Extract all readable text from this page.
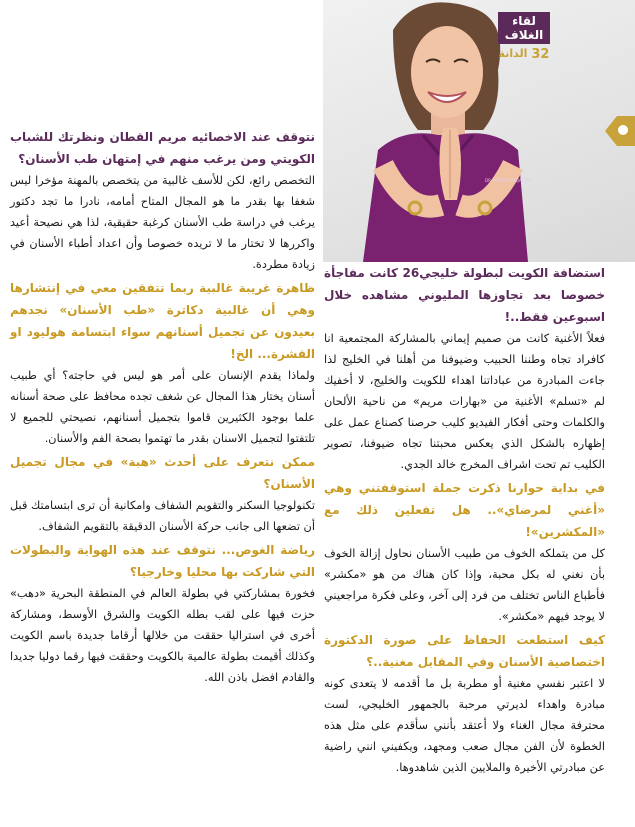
DR. MARIAM ALQATTAN
لقاء الغلاف
الدانة 32

نتوقف عند الاخصائيه مريم القطان ونظرتك للشباب الكويتي ومن يرغب منهم في إمتهان طب الأسنان؟

التخصص رائع، لكن للأسف غالبية من يتخصص بالمهنة مؤخرا ليس شغفا بها بقدر ما هو المجال المتاح أمامه، نادرا ما تجد دكتور يرغب في دراسة طب الأسنان كرغبة حقيقية، لذا هي نصيحة أعيد واكررها لا تختار ما لا تريده خصوصا وأن اعداد أطباء الأسنان في زيادة مطردة.

ظاهرة غريبة غالبية ربما تتفقين معي في إنتشارها وهي أن غالبية دكاترة «طب الأسنان» نجدهم بعيدون عن تجميل أسنانهم سواء ابتسامة هوليود او القشرة... الخ!

ولماذا يقدم الإنسان على أمر هو ليس في حاجته؟ أي طبيب أسنان يختار هذا المجال عن شغف تجده محافظ على صحة أسنانه علما بوجود الكثيرين قاموا بتجميل أسنانهم، نصيحتي للجميع لا تلتفتوا لتجميل الاسنان بقدر ما تهتموا بصحة الفم والأسنان.

ممكن نتعرف على أحدث «هبة» في مجال تجميل الأسنان؟

تكنولوجيا السكنر والتقويم الشفاف وامكانية أن ترى ابتسامتك قبل أن تضعها الى جانب حركة الأسنان الدقيقة بالتقويم الشفاف.

رياضة الغوص... نتوقف عند هذه الهواية والبطولات التي شاركت بها محليا وخارجيا؟

فخورة بمشاركتي في بطولة العالم في المنطقة البحرية «دهب» حزت فيها على لقب بطله الكويت والشرق الأوسط، ومشاركة أخرى في استراليا حققت من خلالها أرقاما جديدة باسم الكويت وكذلك أقيمت بطولة عالمية بالكويت وحققت فيها رقما دوليا جديدا والقادم افضل باذن الله.

استضافة الكويت لبطولة خليجي26 كانت مفاجأة خصوصا بعد تجاوزها المليوني مشاهده خلال اسبوعين فقط..!

فعلاً الأغنية كانت من صميم إيماني بالمشاركة المجتمعية انا كافراد تجاه وطننا الحبيب وضيوفنا من أهلنا في الخليج لذا جاءت المبادرة من عباداتنا اهداء للكويت والخليج، لا أخفيك لم «تسلم» الأغنية من «بهارات مريم» من ناحية الألحان والكلمات وحتى أفكار الفيديو كليب حرصنا كصناع عمل على إظهاره بالشكل الذي يعكس محبتنا تجاه ضيوفنا، تصوير الكليب تم تحت اشراف المخرج خالد الجدي.

في بداية حوارنا ذكرت جملة استوقفتني وهي «أغني لمرضاي».. هل تفعلين ذلك مع «المكشرين»!

كل من يتملكه الخوف من طبيب الأسنان نحاول إزالة الخوف بأن نغني له بكل محبة، وإذا كان هناك من هو «مكشر» فأطباع الناس تختلف من فرد إلى آخر، وعلى فكرة مراجعيني لا يوجد فيهم «مكشر».

كيف استطعت الحفاظ على صورة الدكتورة اختصاصية الأسنان وفي المقابل مغنية..؟

لا اعتبر نفسي مغنية أو مطربة بل ما أقدمه لا يتعدى كونه مبادرة واهداء لديرتي مرحبة بالجمهور الخليجي، لست محترفة مجال الغناء ولا أعتقد بأنني سأقدم على مثل هذه الخطوة لأن الفن مجال صعب ومجهد، ويكفيني انني راضية عن مبادرتي الأخيرة والملايين الذين شاهدوها.
